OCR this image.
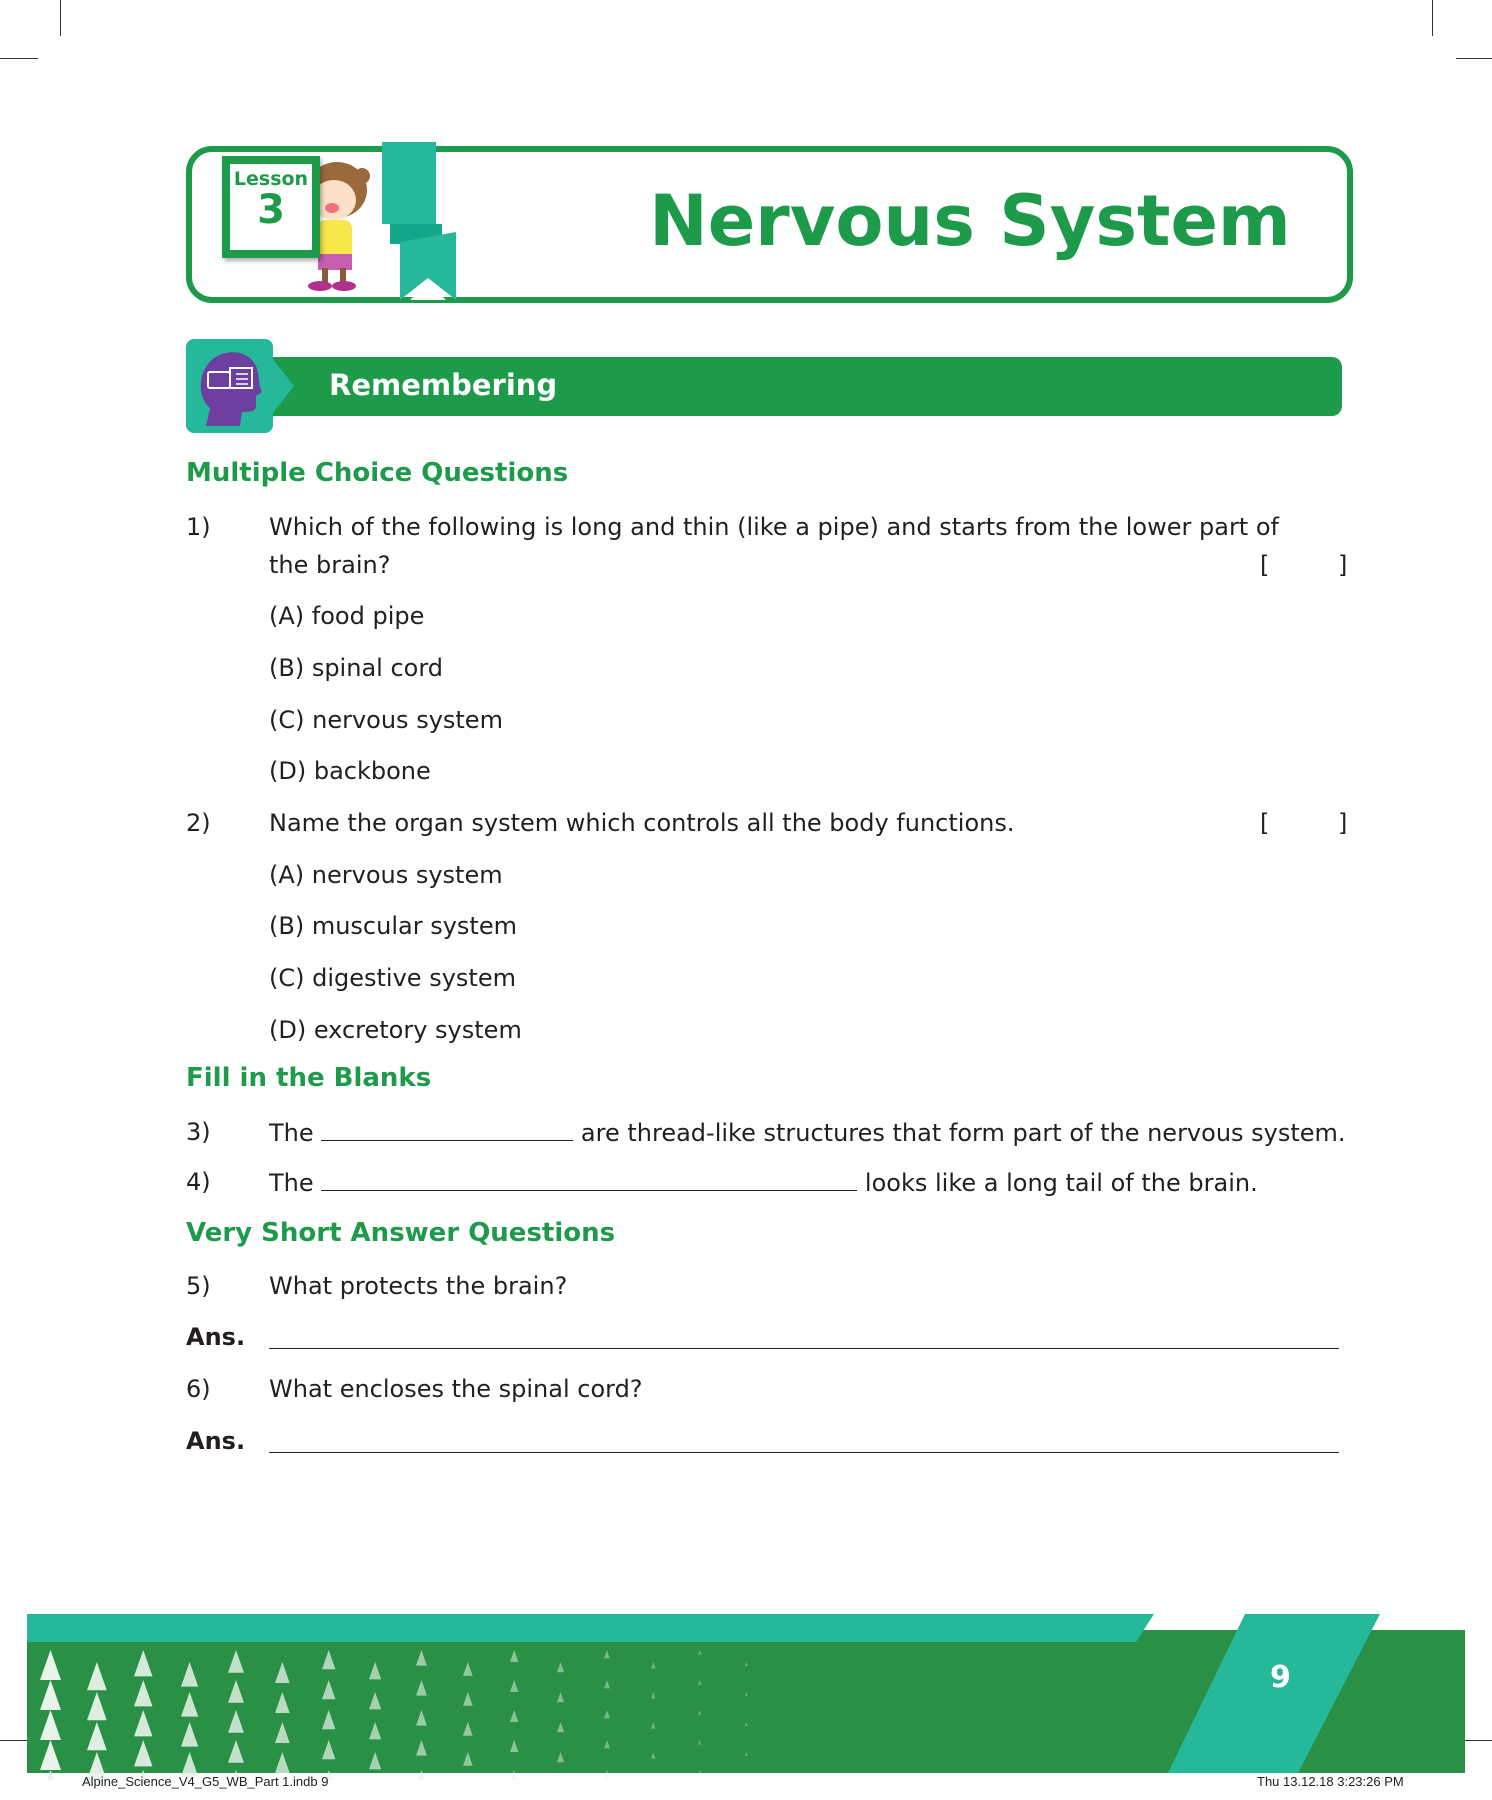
Lesson
3	Nervous System
Remembering
Multiple Choice Questions
1) Which of the following is long and thin (like a pipe) and starts from the lower part of
the brain?	[	]
(A) food pipe
(B) spinal cord
(C) nervous system
(D) backbone
2) Name the organ system which controls all the body functions.	[	]
(A) nervous system
(B) muscular system
(C) digestive system
(D) excretory system
Fill in the Blanks
3) The	are thread-like structures that form part of the nervous system.
4) The	looks like a long tail of the brain.
Very Short Answer Questions
5) What protects the brain?
Ans.
6) What encloses the spinal cord?
Ans.
9
Alpine_Science_V4_G5_WB_Part 1.indb 9	Thu 13.12.18 3:23:26 PM
